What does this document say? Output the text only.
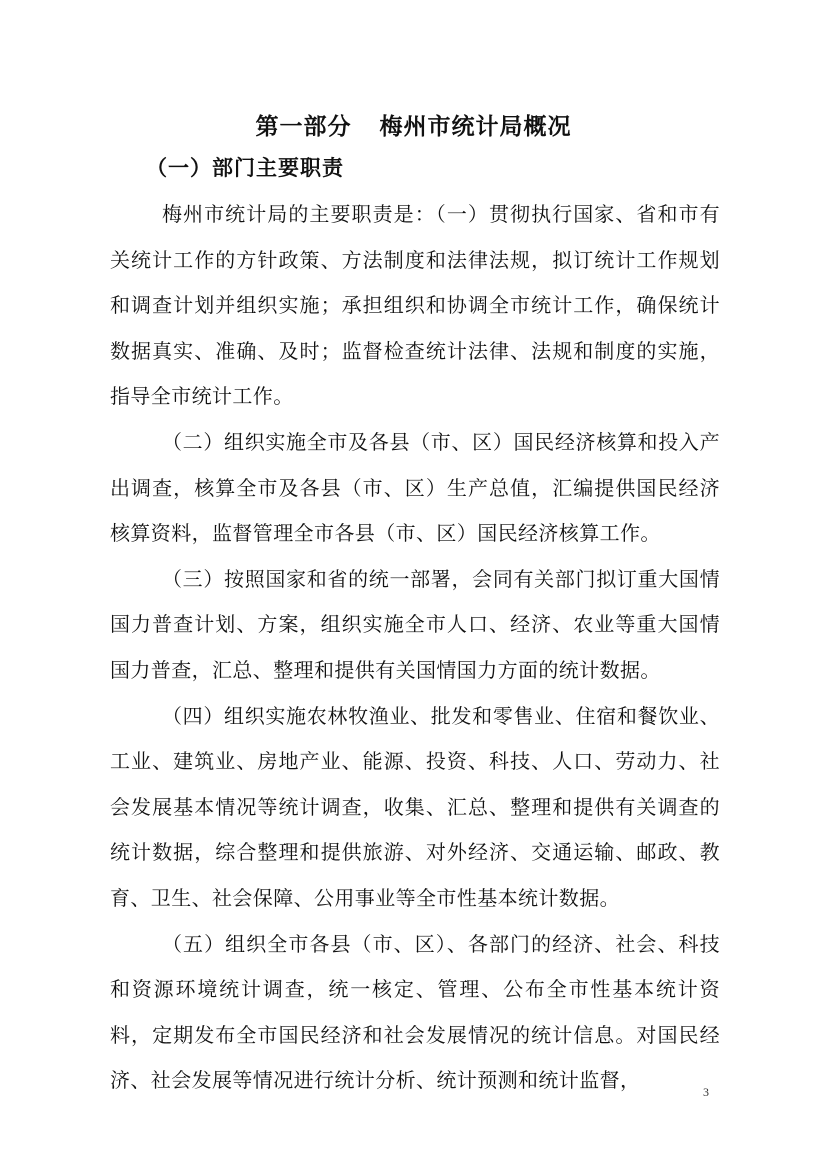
第一部分 梅州市统计局概况
（一）部门主要职责

梅州市统计局的主要职责是：（一）贯彻执行国家、省和市有关统计工作的方针政策、方法制度和法律法规，拟订统计工作规划和调查计划并组织实施；承担组织和协调全市统计工作，确保统计数据真实、准确、及时；监督检查统计法律、法规和制度的实施，指导全市统计工作。

（二）组织实施全市及各县（市、区）国民经济核算和投入产出调查，核算全市及各县（市、区）生产总值，汇编提供国民经济核算资料，监督管理全市各县（市、区）国民经济核算工作。

（三）按照国家和省的统一部署，会同有关部门拟订重大国情国力普查计划、方案，组织实施全市人口、经济、农业等重大国情国力普查，汇总、整理和提供有关国情国力方面的统计数据。

（四）组织实施农林牧渔业、批发和零售业、住宿和餐饮业、工业、建筑业、房地产业、能源、投资、科技、人口、劳动力、社会发展基本情况等统计调查，收集、汇总、整理和提供有关调查的统计数据，综合整理和提供旅游、对外经济、交通运输、邮政、教育、卫生、社会保障、公用事业等全市性基本统计数据。

（五）组织全市各县（市、区）、各部门的经济、社会、科技和资源环境统计调查，统一核定、管理、公布全市性基本统计资料，定期发布全市国民经济和社会发展情况的统计信息。对国民经济、社会发展等情况进行统计分析、统计预测和统计监督，	3
